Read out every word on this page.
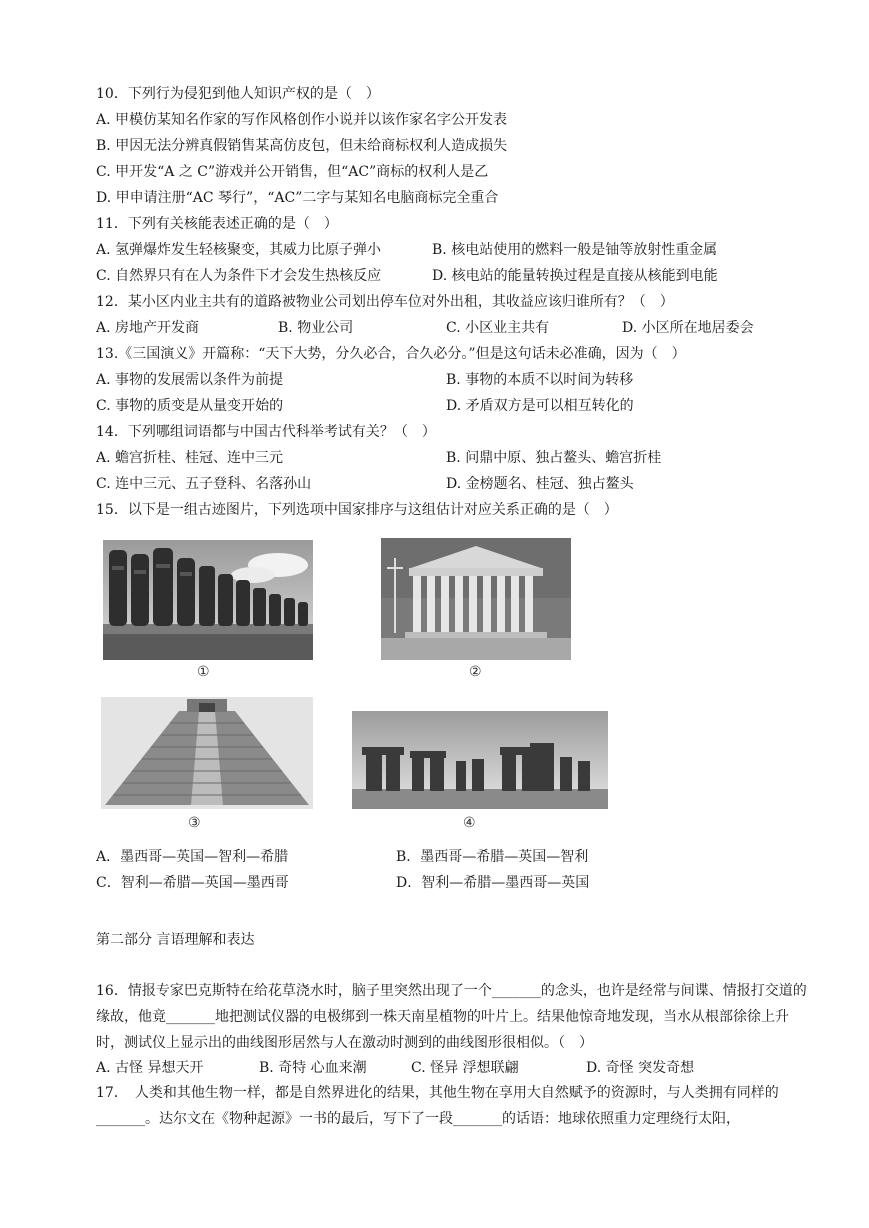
10．下列行为侵犯到他人知识产权的是（　）
A. 甲模仿某知名作家的写作风格创作小说并以该作家名字公开发表
B. 甲因无法分辨真假销售某高仿皮包，但未给商标权利人造成损失
C. 甲开发“A 之 C”游戏并公开销售，但“AC”商标的权利人是乙
D. 甲申请注册“AC 琴行”，“AC”二字与某知名电脑商标完全重合
11．下列有关核能表述正确的是（　）
A. 氢弹爆炸发生轻核聚变，其威力比原子弹小	B. 核电站使用的燃料一般是铀等放射性重金属
C. 自然界只有在人为条件下才会发生热核反应	D. 核电站的能量转换过程是直接从核能到电能
12．某小区内业主共有的道路被物业公司划出停车位对外出租，其收益应该归谁所有？（　）
A. 房地产开发商	B. 物业公司	C. 小区业主共有	D. 小区所在地居委会
13.《三国演义》开篇称：“天下大势，分久必合，合久必分。”但是这句话未必准确，因为（　）
A. 事物的发展需以条件为前提	B. 事物的本质不以时间为转移
C. 事物的质变是从量变开始的	D. 矛盾双方是可以相互转化的
14．下列哪组词语都与中国古代科举考试有关？（　）
A. 蟾宫折桂、桂冠、连中三元	B. 问鼎中原、独占鳌头、蟾宫折桂
C. 连中三元、五子登科、名落孙山	D. 金榜题名、桂冠、独占鳌头
15．以下是一组古迹图片，下列选项中国家排序与这组估计对应关系正确的是（　）
①	②
③	④
A．墨西哥—英国—智利—希腊	B．墨西哥—希腊—英国—智利
C．智利—希腊—英国—墨西哥	D．智利—希腊—墨西哥—英国
第二部分 言语理解和表达
16．情报专家巴克斯特在给花草浇水时，脑子里突然出现了一个_______的念头，也许是经常与间谍、情报打交道的缘故，他竟_______地把测试仪器的电极绑到一株天南星植物的叶片上。结果他惊奇地发现，当水从根部徐徐上升时，测试仪上显示出的曲线图形居然与人在激动时测到的曲线图形很相似。（　）
A. 古怪 异想天开	B. 奇特 心血来潮	C. 怪异 浮想联翩	D. 奇怪 突发奇想
17．　人类和其他生物一样，都是自然界进化的结果，其他生物在享用大自然赋予的资源时，与人类拥有同样的_______。达尔文在《物种起源》一书的最后，写下了一段_______的话语：地球依照重力定理绕行太阳，
